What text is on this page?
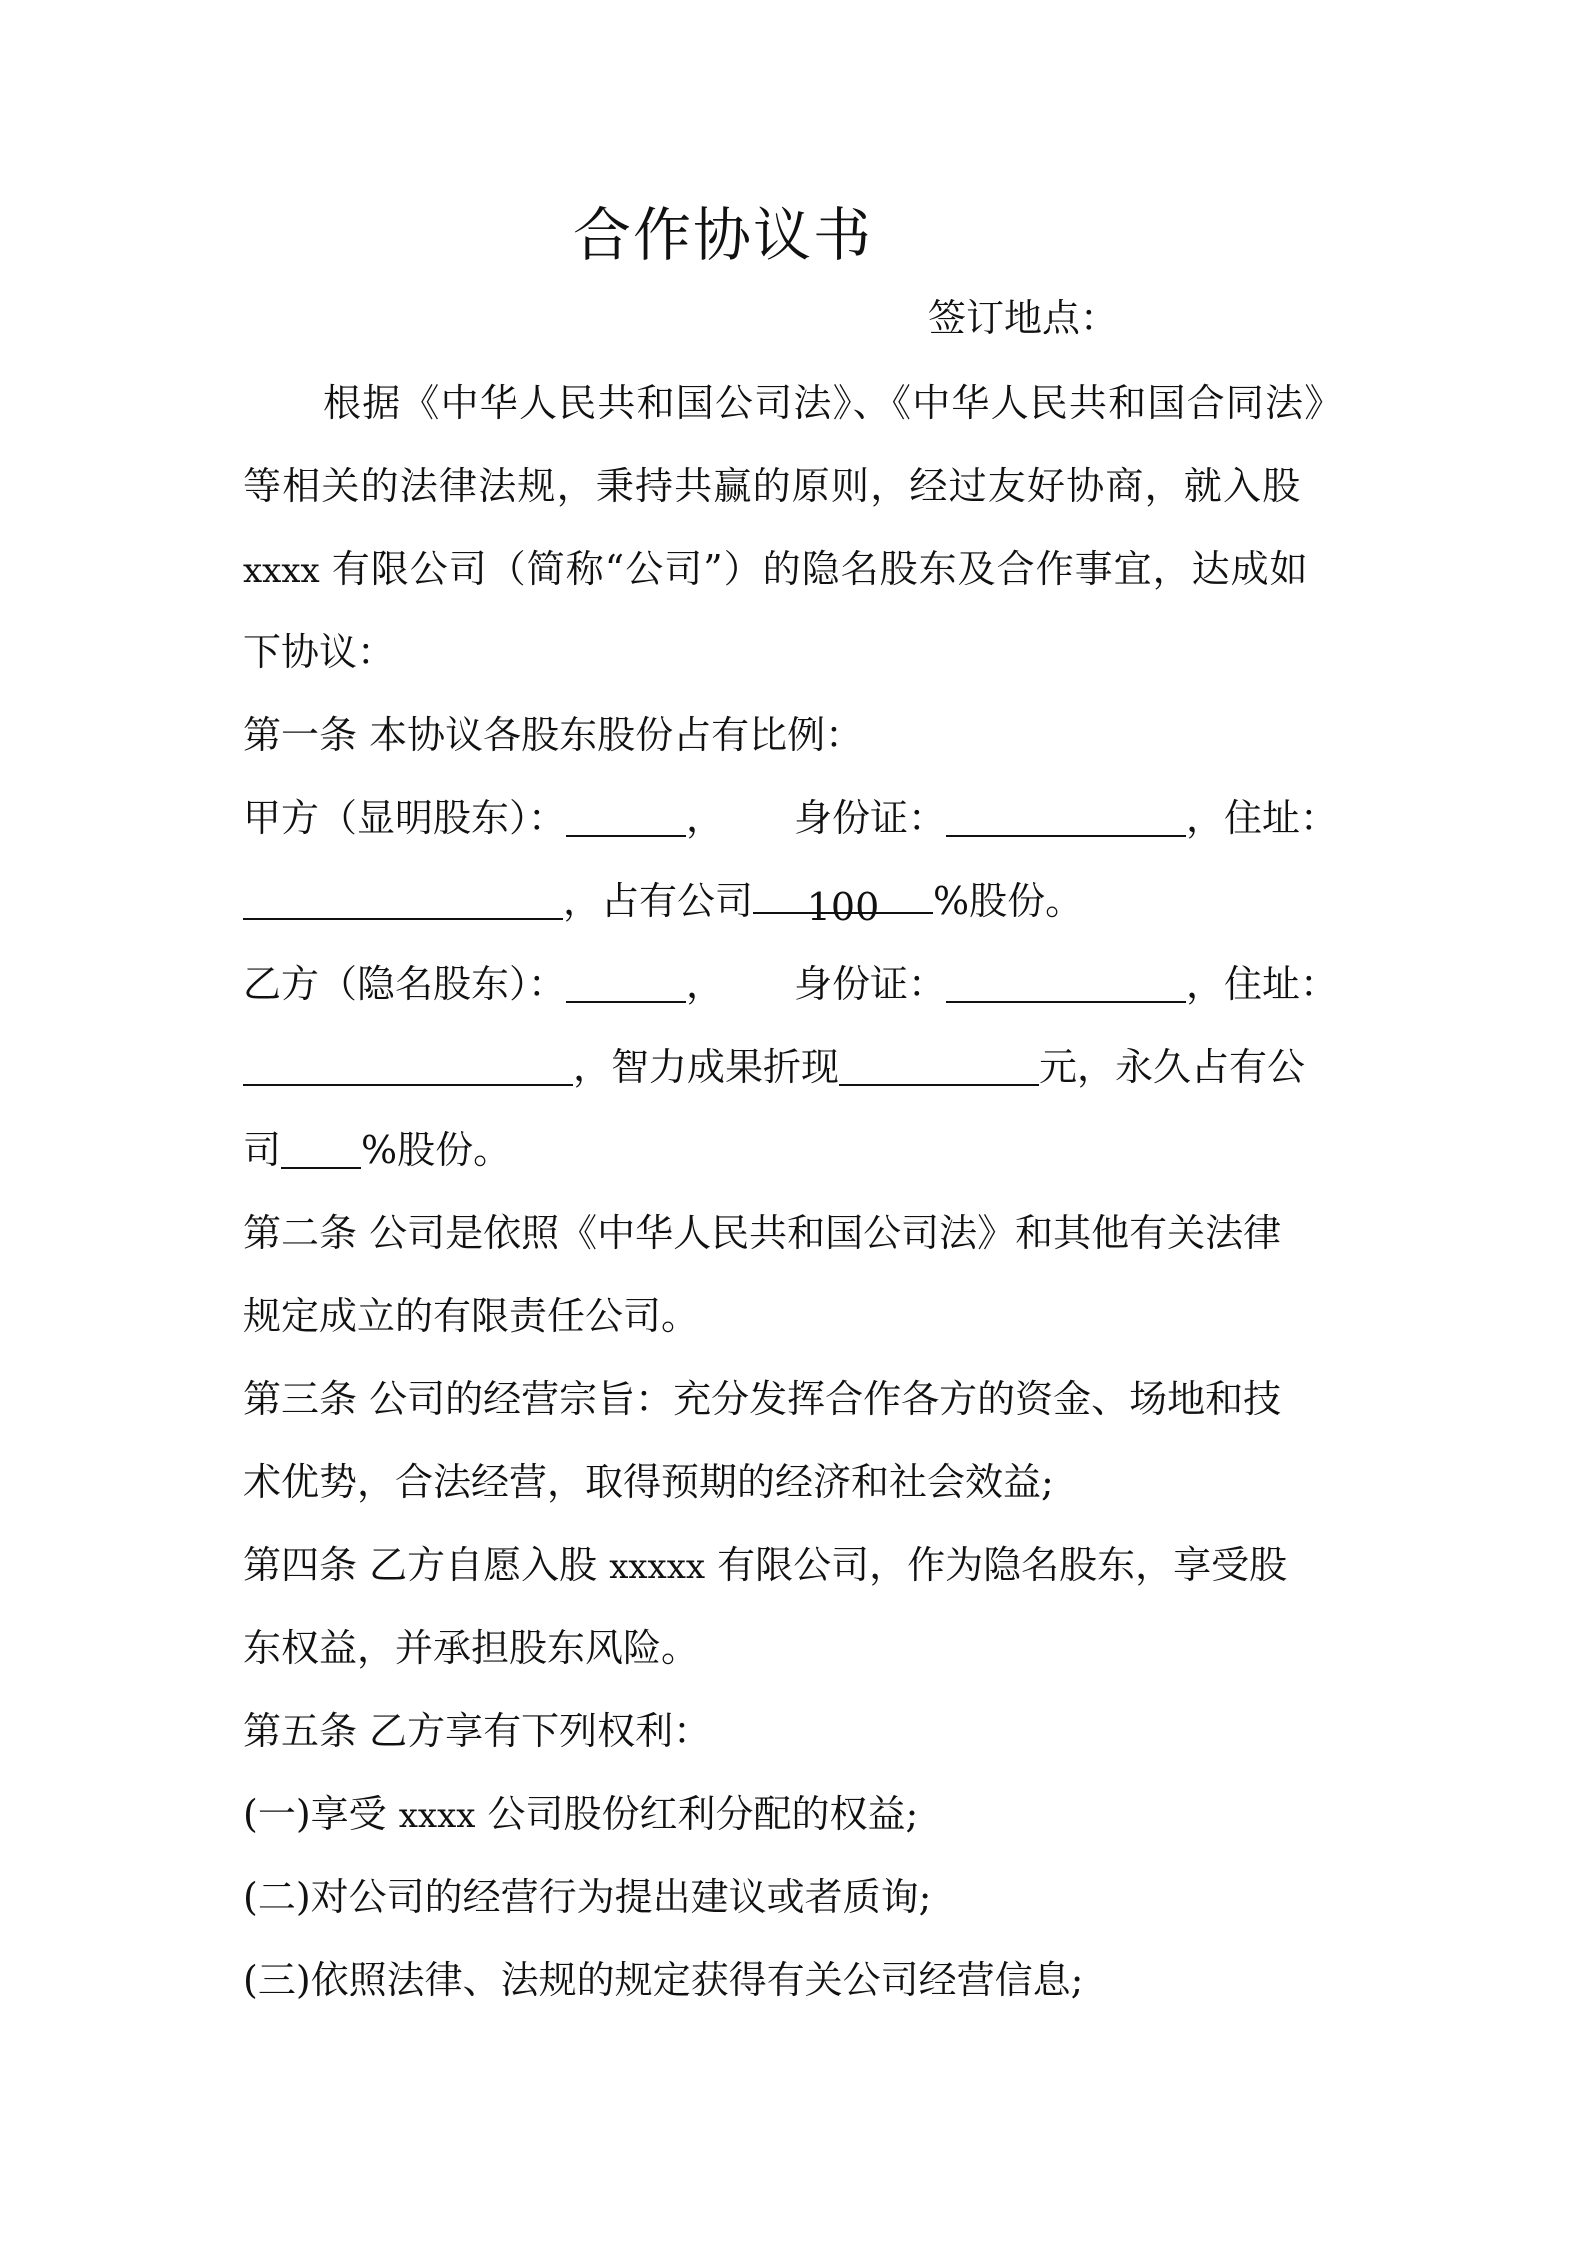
合作协议书
签订地点：
根据《中华人民共和国公司法》、《中华人民共和国合同法》
等相关的法律法规，秉持共赢的原则，经过友好协商，就入股
xxxx 有限公司（简称“公司”）的隐名股东及合作事宜，达成如
下协议：
第一条 本协议各股东股份占有比例：
甲方（显明股东）：	， 身份证：	，住址：
，占有公司 100 %股份。
乙方（隐名股东）：	， 身份证：	，住址：
，智力成果折现	元，永久占有公
司 %股份。
第二条 公司是依照《中华人民共和国公司法》和其他有关法律
规定成立的有限责任公司。
第三条 公司的经营宗旨：充分发挥合作各方的资金、场地和技
术优势，合法经营，取得预期的经济和社会效益;
第四条 乙方自愿入股 xxxxx 有限公司，作为隐名股东，享受股
东权益，并承担股东风险。
第五条 乙方享有下列权利：
(一)享受 xxxx 公司股份红利分配的权益;
(二)对公司的经营行为提出建议或者质询;
(三)依照法律、法规的规定获得有关公司经营信息;
